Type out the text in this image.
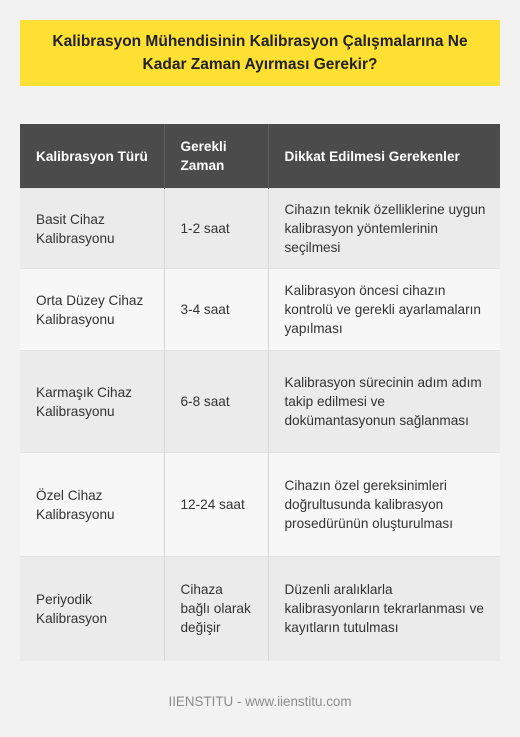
Kalibrasyon Mühendisinin Kalibrasyon Çalışmalarına Ne Kadar Zaman Ayırması Gerekir?
Kalibrasyon Türü	Gerekli Zaman	Dikkat Edilmesi Gerekenler
Basit Cihaz Kalibrasyonu	1-2 saat	Cihazın teknik özelliklerine uygun kalibrasyon yöntemlerinin seçilmesi
Orta Düzey Cihaz Kalibrasyonu	3-4 saat	Kalibrasyon öncesi cihazın kontrolü ve gerekli ayarlamaların yapılması
Karmaşık Cihaz Kalibrasyonu	6-8 saat	Kalibrasyon sürecinin adım adım takip edilmesi ve dokümantasyonun sağlanması
Özel Cihaz Kalibrasyonu	12-24 saat	Cihazın özel gereksinimleri doğrultusunda kalibrasyon prosedürünün oluşturulması
Periyodik Kalibrasyon	Cihaza bağlı olarak değişir	Düzenli aralıklarla kalibrasyonların tekrarlanması ve kayıtların tutulması
IIENSTITU - www.iienstitu.com
